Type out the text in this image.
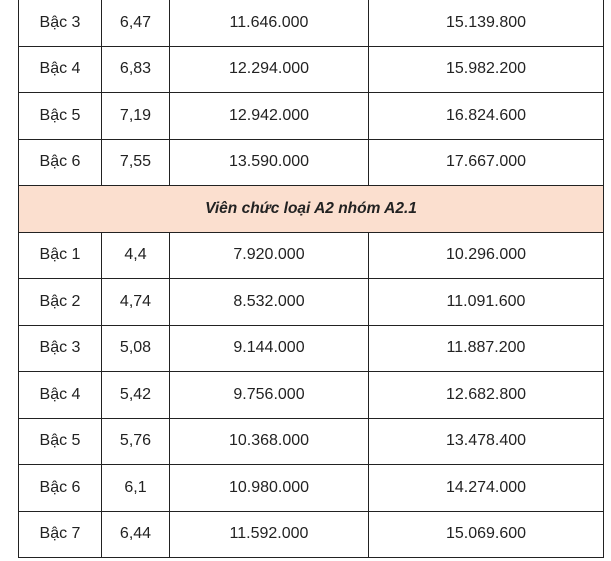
Bậc 3	6,47	11.646.000	15.139.800
Bậc 4	6,83	12.294.000	15.982.200
Bậc 5	7,19	12.942.000	16.824.600
Bậc 6	7,55	13.590.000	17.667.000
Viên chức loại A2 nhóm A2.1			
Bậc 1	4,4	7.920.000	10.296.000
Bậc 2	4,74	8.532.000	11.091.600
Bậc 3	5,08	9.144.000	11.887.200
Bậc 4	5,42	9.756.000	12.682.800
Bậc 5	5,76	10.368.000	13.478.400
Bậc 6	6,1	10.980.000	14.274.000
Bậc 7	6,44	11.592.000	15.069.600
